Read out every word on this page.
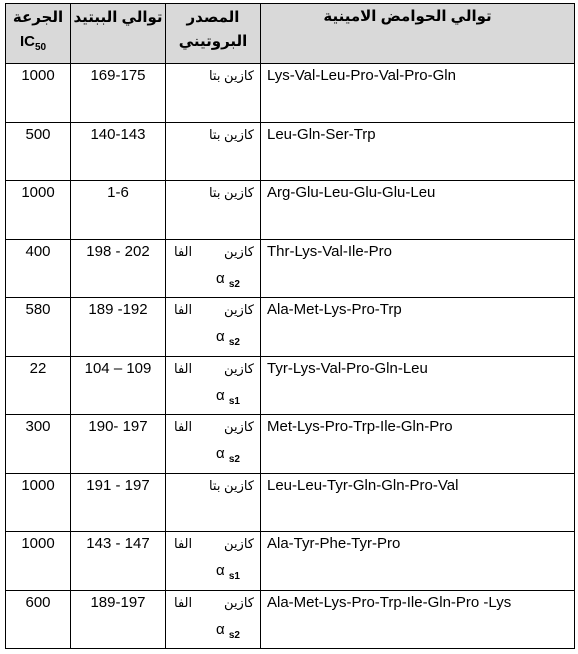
الجرعة
$IC_{50}$	توالي الببتيد	المصدر
البروتيني	توالي الحوامض الامينية
1000	169-175	كازين بتا	Lys-Val-Leu-Pro-Val-Pro-Gln
500	140-143	كازين بتا	Leu-Gln-Ser-Trp
1000	1-6	كازين بتا	Arg-Glu-Leu-Glu-Glu-Leu
400	198 - 202	كازين
الفا
α $_{s2}$	Thr-Lys-Val-Ile-Pro
580	189 -192	كازين
الفا
α $_{s2}$	Ala-Met-Lys-Pro-Trp
22	104 – 109	كازين
الفا
α $_{s1}$	Tyr-Lys-Val-Pro-Gln-Leu
300	190- 197	كازين
الفا
α $_{s2}$	Met-Lys-Pro-Trp-Ile-Gln-Pro
1000	191 - 197	كازين بتا	Leu-Leu-Tyr-Gln-Gln-Pro-Val
1000	143 - 147	كازين
الفا
α $_{s1}$	Ala-Tyr-Phe-Tyr-Pro
600	189-197	كازين
الفا
α $_{s2}$	Ala-Met-Lys-Pro-Trp-Ile-Gln-Pro -Lys
